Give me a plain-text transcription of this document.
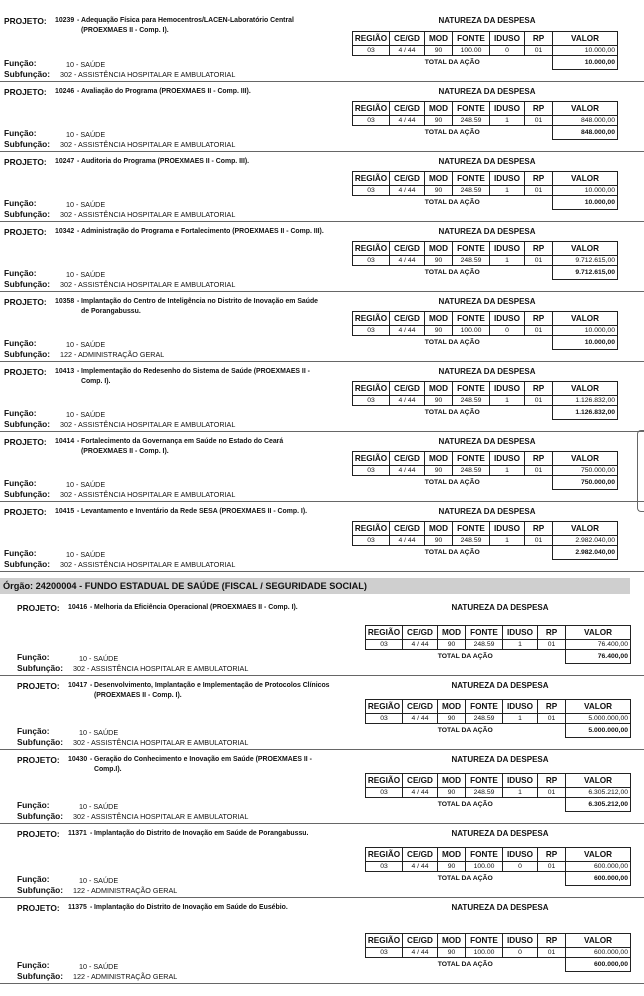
PROJETO: 10239 - Adequação Física para Hemocentros/LACEN-Laboratório Central (PROEXMAES II - Comp. I).
Função:	10 - SAÚDE
Subfunção: 302 - ASSISTÊNCIA HOSPITALAR E AMBULATORIAL
NATUREZA DA DESPESA
REGIÃO	CE/GD	MOD	FONTE	IDUSO	RP	VALOR
03	4 / 44	90	100.00	0	01	10.000,00
TOTAL DA AÇÃO						10.000,00
PROJETO: 10246 - Avaliação do Programa (PROEXMAES II - Comp. III).
Função:	10 - SAÚDE
Subfunção: 302 - ASSISTÊNCIA HOSPITALAR E AMBULATORIAL
NATUREZA DA DESPESA
REGIÃO	CE/GD	MOD	FONTE	IDUSO	RP	VALOR
03	4 / 44	90	248.59	1	01	848.000,00
TOTAL DA AÇÃO						848.000,00
PROJETO: 10247 - Auditoria do Programa (PROEXMAES II - Comp. III).
Função:	10 - SAÚDE
Subfunção: 302 - ASSISTÊNCIA HOSPITALAR E AMBULATORIAL
NATUREZA DA DESPESA
REGIÃO	CE/GD	MOD	FONTE	IDUSO	RP	VALOR
03	4 / 44	90	248.59	1	01	10.000,00
TOTAL DA AÇÃO						10.000,00
PROJETO: 10342 - Administração do Programa e Fortalecimento (PROEXMAES II - Comp. III).
Função:	10 - SAÚDE
Subfunção: 302 - ASSISTÊNCIA HOSPITALAR E AMBULATORIAL
NATUREZA DA DESPESA
REGIÃO	CE/GD	MOD	FONTE	IDUSO	RP	VALOR
03	4 / 44	90	248.59	1	01	9.712.615,00
TOTAL DA AÇÃO						9.712.615,00
PROJETO: 10358 - Implantação do Centro de Inteligência no Distrito de Inovação em Saúde de Porangabussu.
Função:	10 - SAÚDE
Subfunção: 122 - ADMINISTRAÇÃO GERAL
NATUREZA DA DESPESA
REGIÃO	CE/GD	MOD	FONTE	IDUSO	RP	VALOR
03	4 / 44	90	100.00	0	01	10.000,00
TOTAL DA AÇÃO						10.000,00
PROJETO: 10413 - Implementação do Redesenho do Sistema de Saúde (PROEXMAES II - Comp. I).
Função:	10 - SAÚDE
Subfunção: 302 - ASSISTÊNCIA HOSPITALAR E AMBULATORIAL
NATUREZA DA DESPESA
REGIÃO	CE/GD	MOD	FONTE	IDUSO	RP	VALOR
03	4 / 44	90	248.59	1	01	1.126.832,00
TOTAL DA AÇÃO						1.126.832,00
PROJETO: 10414 - Fortalecimento da Governança em Saúde no Estado do Ceará (PROEXMAES II - Comp. I).
Função:	10 - SAÚDE
Subfunção: 302 - ASSISTÊNCIA HOSPITALAR E AMBULATORIAL
NATUREZA DA DESPESA
REGIÃO	CE/GD	MOD	FONTE	IDUSO	RP	VALOR
03	4 / 44	90	248.59	1	01	750.000,00
TOTAL DA AÇÃO						750.000,00
PROJETO: 10415 - Levantamento e Inventário da Rede SESA (PROEXMAES II - Comp. I).
Função:	10 - SAÚDE
Subfunção: 302 - ASSISTÊNCIA HOSPITALAR E AMBULATORIAL
NATUREZA DA DESPESA
REGIÃO	CE/GD	MOD	FONTE	IDUSO	RP	VALOR
03	4 / 44	90	248.59	1	01	2.982.040,00
TOTAL DA AÇÃO						2.982.040,00
Órgão: 24200004 - FUNDO ESTADUAL DE SAÚDE (FISCAL / SEGURIDADE SOCIAL)
PROJETO: 10416 - Melhoria da Eficiência Operacional (PROEXMAES II - Comp. I).
Função:	10 - SAÚDE
Subfunção: 302 - ASSISTÊNCIA HOSPITALAR E AMBULATORIAL
NATUREZA DA DESPESA
REGIÃO	CE/GD	MOD	FONTE	IDUSO	RP	VALOR
03	4 / 44	90	248.59	1	01	76.400,00
TOTAL DA AÇÃO						76.400,00
PROJETO: 10417 - Desenvolvimento, Implantação e Implementação de Protocolos Clínicos (PROEXMAES II - Comp. I).
Função:	10 - SAÚDE
Subfunção: 302 - ASSISTÊNCIA HOSPITALAR E AMBULATORIAL
NATUREZA DA DESPESA
REGIÃO	CE/GD	MOD	FONTE	IDUSO	RP	VALOR
03	4 / 44	90	248.59	1	01	5.000.000,00
TOTAL DA AÇÃO						5.000.000,00
PROJETO: 10430 - Geração do Conhecimento e Inovação em Saúde (PROEXMAES II - Comp.I).
Função:	10 - SAÚDE
Subfunção: 302 - ASSISTÊNCIA HOSPITALAR E AMBULATORIAL
NATUREZA DA DESPESA
REGIÃO	CE/GD	MOD	FONTE	IDUSO	RP	VALOR
03	4 / 44	90	248.59	1	01	6.305.212,00
TOTAL DA AÇÃO						6.305.212,00
PROJETO: 11371 - Implantação do Distrito de Inovação em Saúde de Porangabussu.
Função:	10 - SAÚDE
Subfunção: 122 - ADMINISTRAÇÃO GERAL
NATUREZA DA DESPESA
REGIÃO	CE/GD	MOD	FONTE	IDUSO	RP	VALOR
03	4 / 44	90	100.00	0	01	600.000,00
TOTAL DA AÇÃO						600.000,00
PROJETO: 11375 - Implantação do Distrito de Inovação em Saúde do Eusébio.
Função:	10 - SAÚDE
Subfunção: 122 - ADMINISTRAÇÃO GERAL
NATUREZA DA DESPESA
REGIÃO	CE/GD	MOD	FONTE	IDUSO	RP	VALOR
03	4 / 44	90	100.00	0	01	600.000,00
TOTAL DA AÇÃO						600.000,00
